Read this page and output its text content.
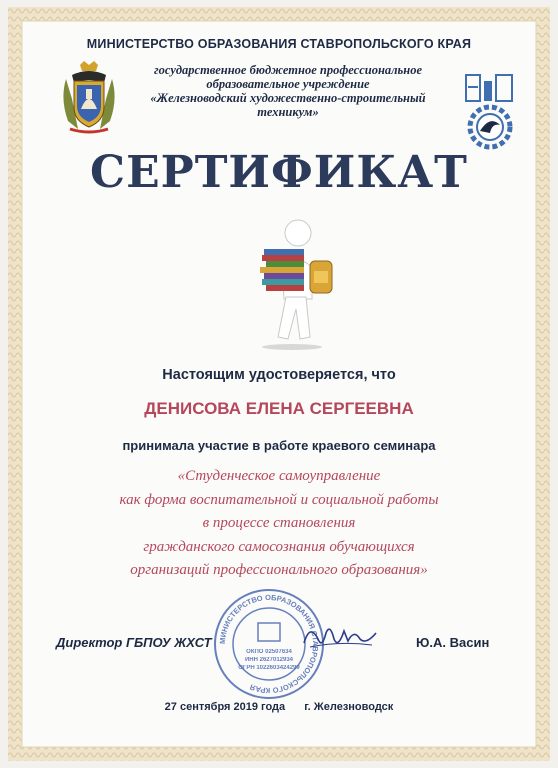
МИНИСТЕРСТВО ОБРАЗОВАНИЯ СТАВРОПОЛЬСКОГО КРАЯ
государственное бюджетное профессиональное
образовательное учреждение
«Железноводский художественно-строительный
техникум»
СЕРТИФИКАТ
Настоящим удостоверяется, что
ДЕНИСОВА ЕЛЕНА СЕРГЕЕВНА
принимала участие в работе краевого семинара
«Студенческое самоуправление
как форма воспитательной и социальной работы
в процессе становления
гражданского самосознания обучающихся
организаций профессионального образования»
МИНИСТЕРСТВО ОБРАЗОВАНИЯ СТАВРОПОЛЬСКОГО КРАЯ
ОКПО 02507634
ИНН 2627012934
ОГРН 1022603424299
Директор ГБПОУ ЖХСТ	Ю.А. Васин
27 сентября 2019 года г. Железноводск
